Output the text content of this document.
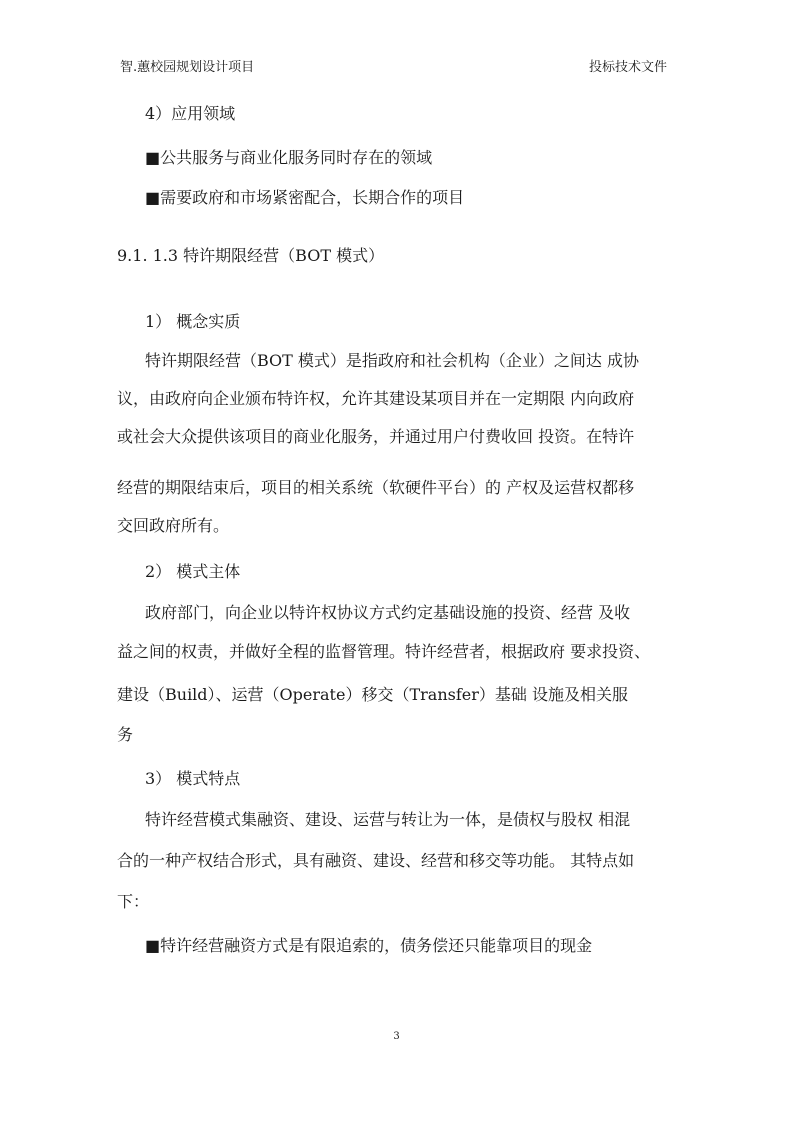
智.蕙校园规划设计项目	投标技术文件
4）应用领域
■公共服务与商业化服务同时存在的领域
■需要政府和市场紧密配合，长期合作的项目
9.1. 1.3 特许期限经营（BOT 模式）
1） 概念实质
特许期限经营（BOT 模式）是指政府和社会机构（企业）之间达 成协
议，由政府向企业颁布特许权，允许其建设某项目并在一定期限 内向政府
或社会大众提供该项目的商业化服务，并通过用户付费收回 投资。在特许
经营的期限结束后，项目的相关系统（软硬件平台）的 产权及运营权都移
交回政府所有。
2） 模式主体
政府部门，向企业以特许权协议方式约定基础设施的投资、经营 及收
益之间的权责，并做好全程的监督管理。特许经营者，根据政府 要求投资、
建设（Build）、运营（Operate）移交（Transfer）基础 设施及相关服
务
3） 模式特点
特许经营模式集融资、建设、运营与转让为一体，是债权与股权 相混
合的一种产权结合形式，具有融资、建设、经营和移交等功能。 其特点如
下：
■特许经营融资方式是有限追索的，债务偿还只能靠项目的现金
3
